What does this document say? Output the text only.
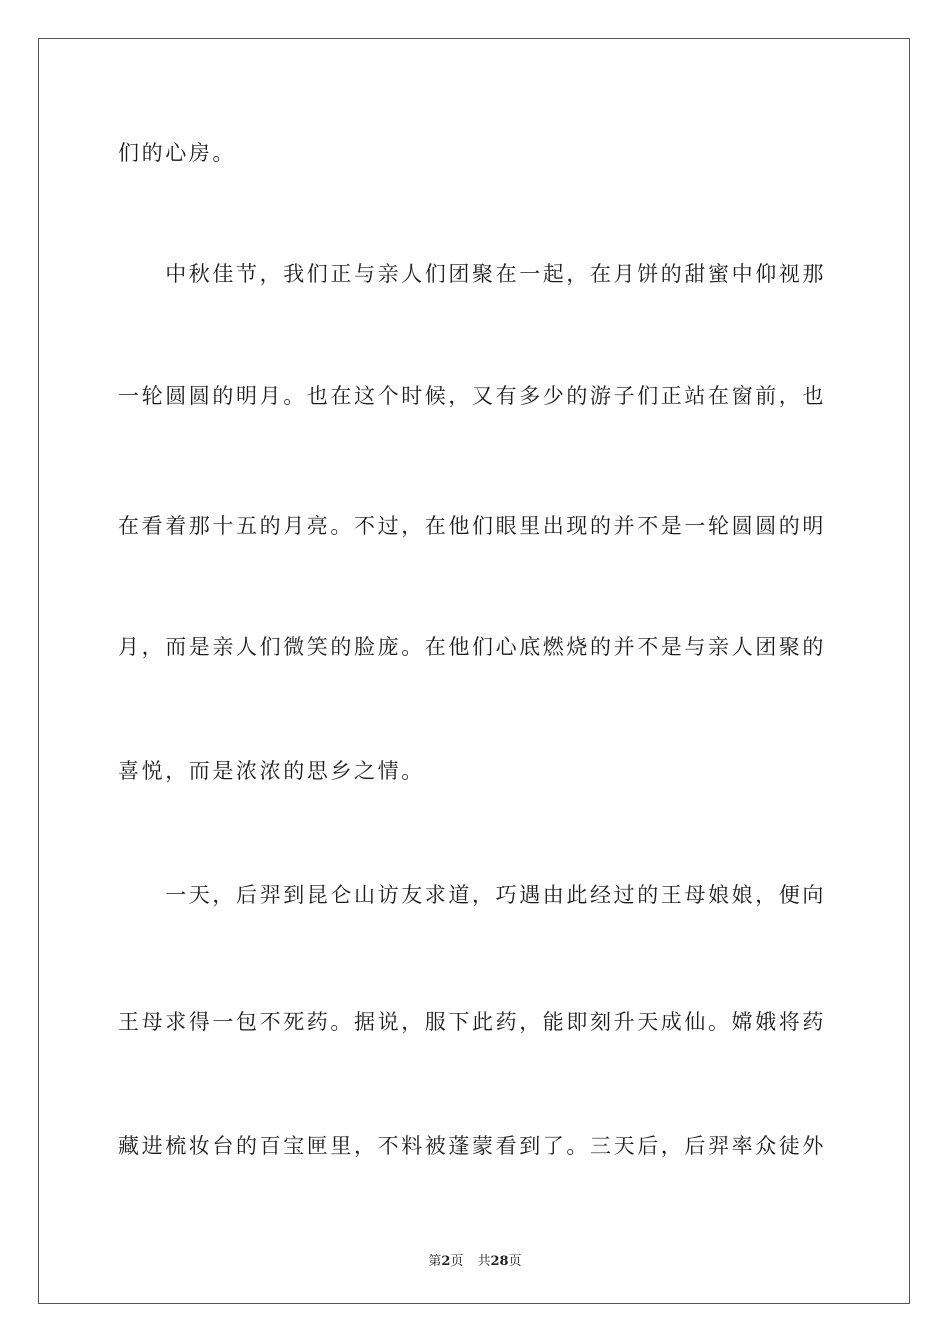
们的心房。
　　中秋佳节，我们正与亲人们团聚在一起，在月饼的甜蜜中仰视那
一轮圆圆的明月。也在这个时候，又有多少的游子们正站在窗前，也
在看着那十五的月亮。不过，在他们眼里出现的并不是一轮圆圆的明
月，而是亲人们微笑的脸庞。在他们心底燃烧的并不是与亲人团聚的
喜悦，而是浓浓的思乡之情。
　　一天，后羿到昆仑山访友求道，巧遇由此经过的王母娘娘，便向
王母求得一包不死药。据说，服下此药，能即刻升天成仙。嫦娥将药
藏进梳妆台的百宝匣里，不料被蓬蒙看到了。三天后，后羿率众徒外
第2页 共28页
